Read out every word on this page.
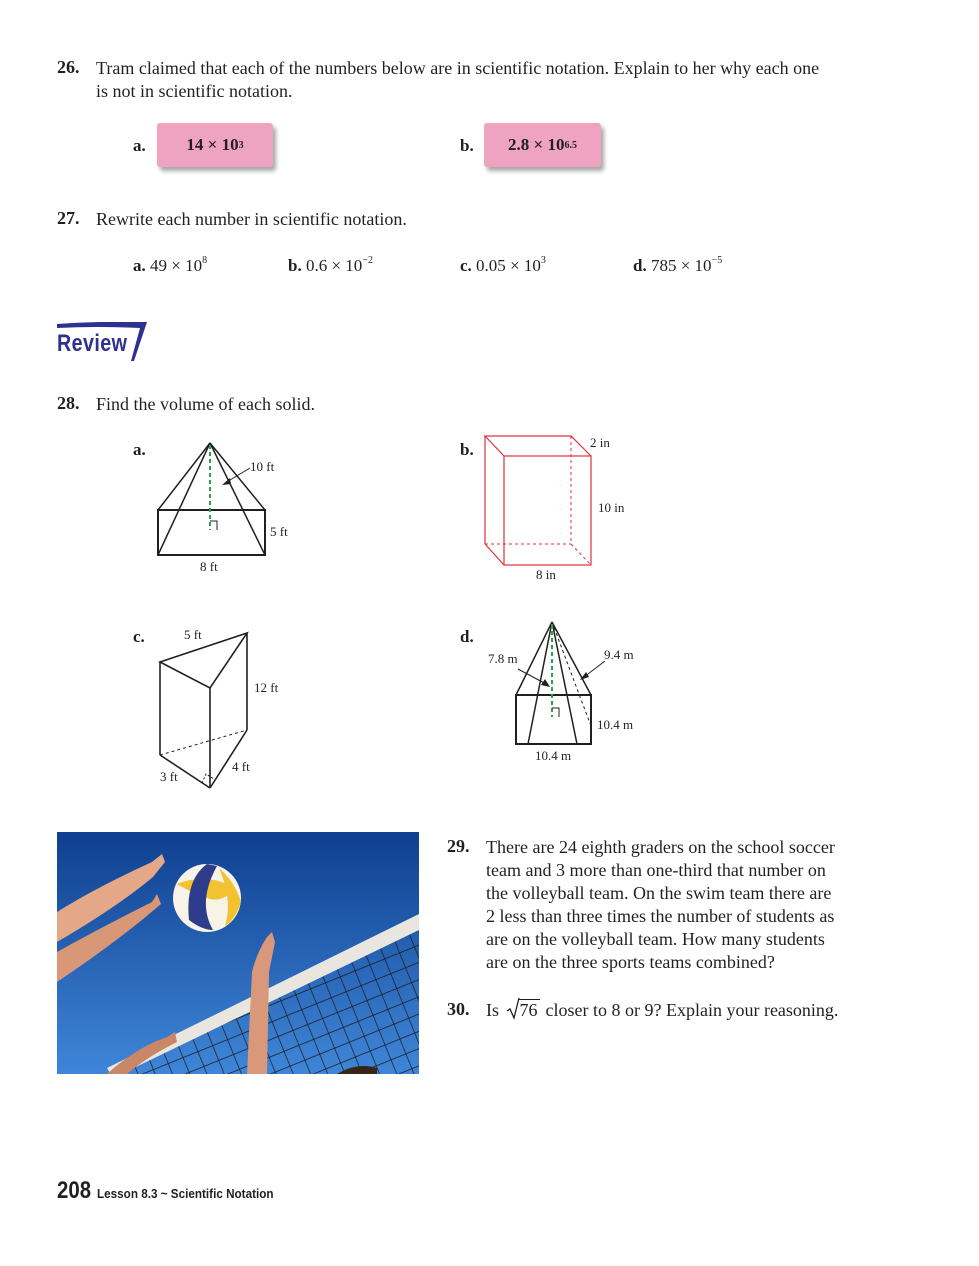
26. Tram claimed that each of the numbers below are in scientific notation. Explain to her why each one
is not in scientific notation.
a. 14 × 10 3	b. 2.8 × 10 6.5
27. Rewrite each number in scientific notation.
a. $49 \times 10^8$	b. $0.6 \times 10^{-2}$	c. $0.05 \times 10^3$	d. $785 \times 10^{-5}$
Review
28. Find the volume of each solid.
a.
10 ft
5 ft
8 ft
b.	2 in
10 in
8 in
c.	5 ft
12 ft
3 ft
4 ft
d.
7.8 m	9.4 m
10.4 m
10.4 m
29. There are 24 eighth graders on the school soccer
team and 3 more than one-third that number on
the volleyball team. On the swim team there are
2 less than three times the number of students as
are on the volleyball team. How many students
are on the three sports teams combined?
30. Is 76 closer to 8 or 9? Explain your reasoning.
208 Lesson 8.3 ~ Scientific Notation
